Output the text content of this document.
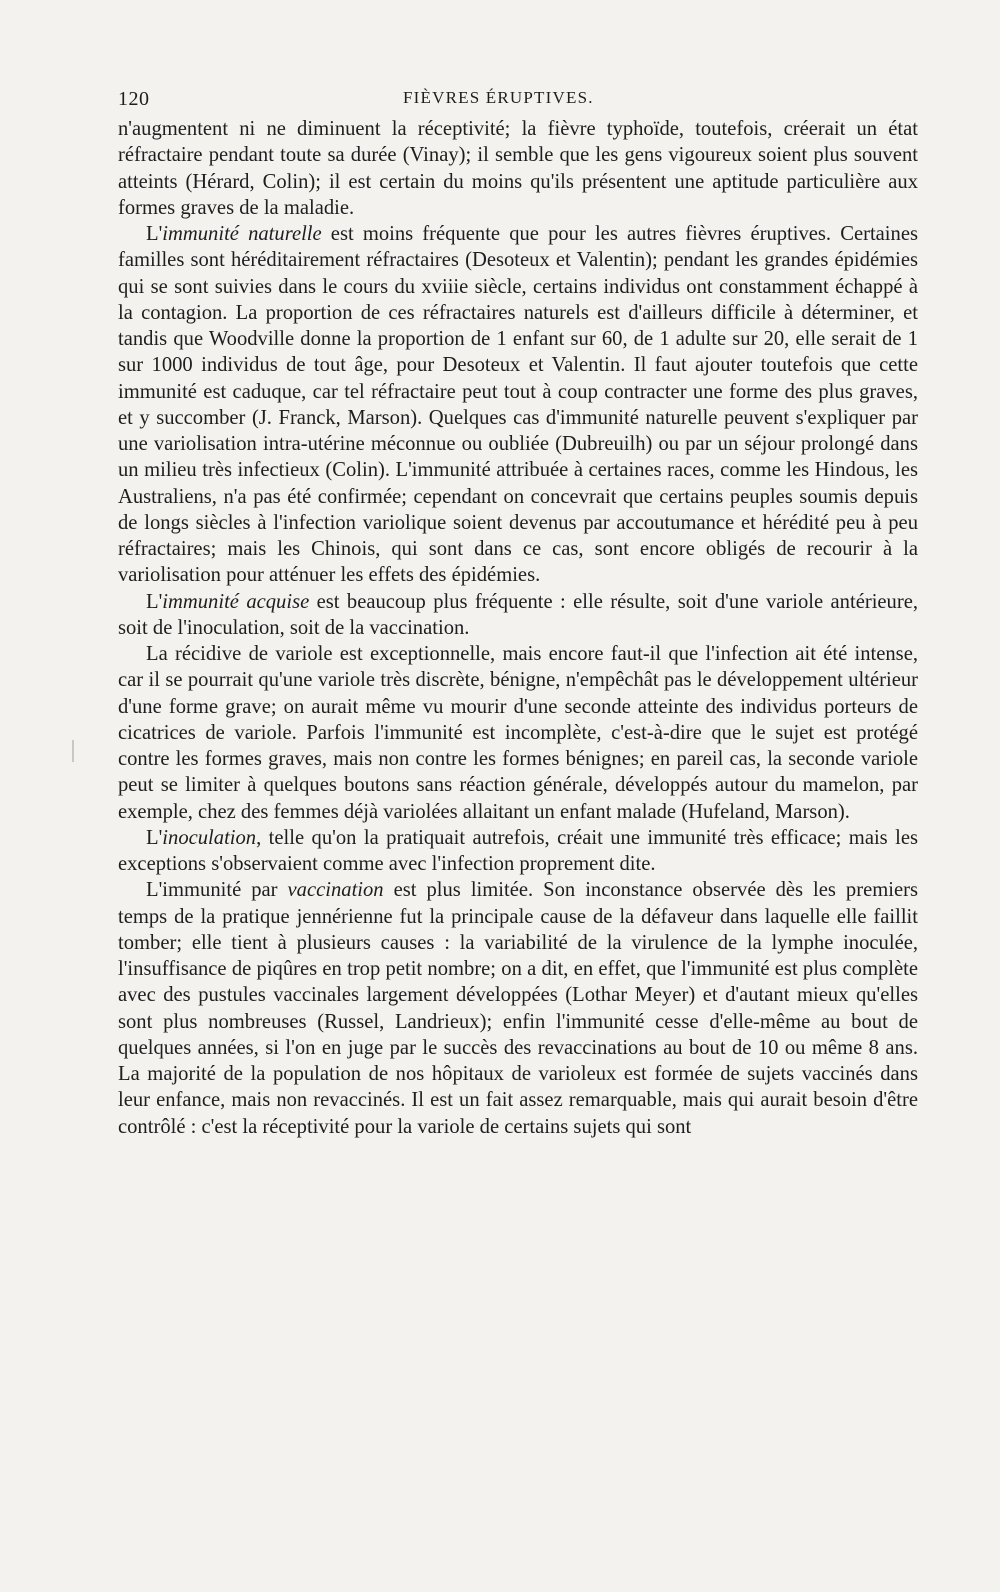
120	FIÈVRES ÉRUPTIVES.

n'augmentent ni ne diminuent la réceptivité; la fièvre typhoïde, toutefois, créerait un état réfractaire pendant toute sa durée (Vinay); il semble que les gens vigoureux soient plus souvent atteints (Hérard, Colin); il est certain du moins qu'ils présentent une aptitude particulière aux formes graves de la maladie.

L'immunité naturelle est moins fréquente que pour les autres fièvres éruptives. Certaines familles sont héréditairement réfractaires (Desoteux et Valentin); pendant les grandes épidémies qui se sont suivies dans le cours du xviiie siècle, certains individus ont constamment échappé à la contagion. La proportion de ces réfractaires naturels est d'ailleurs difficile à déterminer, et tandis que Woodville donne la proportion de 1 enfant sur 60, de 1 adulte sur 20, elle serait de 1 sur 1000 individus de tout âge, pour Desoteux et Valentin. Il faut ajouter toutefois que cette immunité est caduque, car tel réfractaire peut tout à coup contracter une forme des plus graves, et y succomber (J. Franck, Marson). Quelques cas d'immunité naturelle peuvent s'expliquer par une variolisation intra-utérine méconnue ou oubliée (Dubreuilh) ou par un séjour prolongé dans un milieu très infectieux (Colin). L'immunité attribuée à certaines races, comme les Hindous, les Australiens, n'a pas été confirmée; cependant on concevrait que certains peuples soumis depuis de longs siècles à l'infection variolique soient devenus par accoutumance et hérédité peu à peu réfractaires; mais les Chinois, qui sont dans ce cas, sont encore obligés de recourir à la variolisation pour atténuer les effets des épidémies.

L'immunité acquise est beaucoup plus fréquente : elle résulte, soit d'une variole antérieure, soit de l'inoculation, soit de la vaccination.

La récidive de variole est exceptionnelle, mais encore faut-il que l'infection ait été intense, car il se pourrait qu'une variole très discrète, bénigne, n'empêchât pas le développement ultérieur d'une forme grave; on aurait même vu mourir d'une seconde atteinte des individus porteurs de cicatrices de variole. Parfois l'immunité est incomplète, c'est-à-dire que le sujet est protégé contre les formes graves, mais non contre les formes bénignes; en pareil cas, la seconde variole peut se limiter à quelques boutons sans réaction générale, développés autour du mamelon, par exemple, chez des femmes déjà variolées allaitant un enfant malade (Hufeland, Marson).

L'inoculation, telle qu'on la pratiquait autrefois, créait une immunité très efficace; mais les exceptions s'observaient comme avec l'infection proprement dite.

L'immunité par vaccination est plus limitée. Son inconstance observée dès les premiers temps de la pratique jennérienne fut la principale cause de la défaveur dans laquelle elle faillit tomber; elle tient à plusieurs causes : la variabilité de la virulence de la lymphe inoculée, l'insuffisance de piqûres en trop petit nombre; on a dit, en effet, que l'immunité est plus complète avec des pustules vaccinales largement développées (Lothar Meyer) et d'autant mieux qu'elles sont plus nombreuses (Russel, Landrieux); enfin l'immunité cesse d'elle-même au bout de quelques années, si l'on en juge par le succès des revaccinations au bout de 10 ou même 8 ans. La majorité de la population de nos hôpitaux de varioleux est formée de sujets vaccinés dans leur enfance, mais non revaccinés. Il est un fait assez remarquable, mais qui aurait besoin d'être contrôlé : c'est la réceptivité pour la variole de certains sujets qui sont
